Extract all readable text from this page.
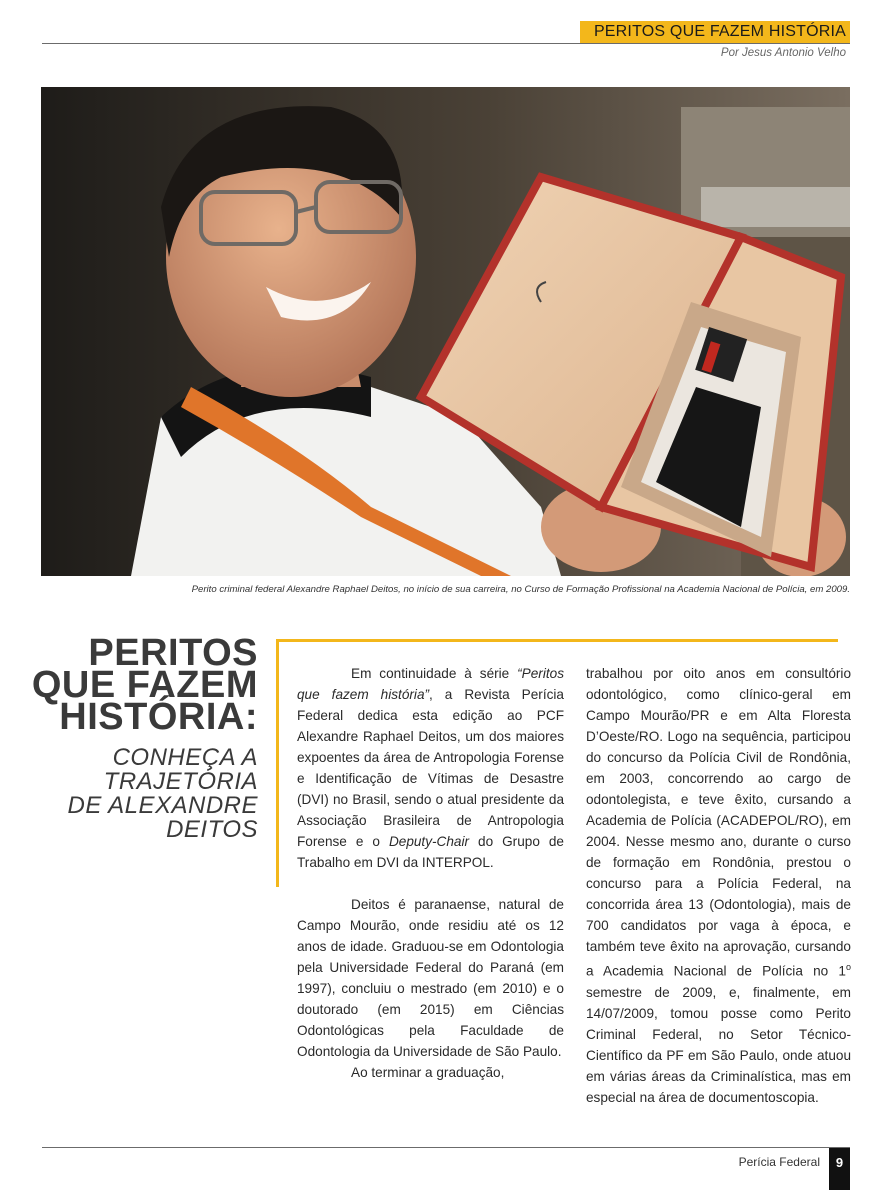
PERITOS QUE FAZEM HISTÓRIA
Por Jesus Antonio Velho
Perito criminal federal Alexandre Raphael Deitos, no início de sua carreira, no Curso de Formação Profissional na Academia Nacional de Polícia, em 2009.
PERITOS
QUE FAZEM
HISTÓRIA:
CONHEÇA A
TRAJETÓRIA
DE ALEXANDRE
DEITOS

Em continuidade à série “Peritos que fazem história”, a Revista Perícia Federal dedica esta edição ao PCF Alexandre Raphael Deitos, um dos maiores expoentes da área de Antropologia Forense e Identificação de Vítimas de Desastre (DVI) no Brasil, sendo o atual presidente da Associação Brasileira de Antropologia Forense e o Deputy-Chair do Grupo de Trabalho em DVI da INTERPOL.

Deitos é paranaense, natural de Campo Mourão, onde residiu até os 12 anos de idade. Graduou-se em Odontologia pela Universidade Federal do Paraná (em 1997), concluiu o mestrado (em 2010) e o doutorado (em 2015) em Ciências Odontológicas pela Faculdade de Odontologia da Universidade de São Paulo.

Ao terminar a graduação,

trabalhou por oito anos em consultório odontológico, como clínico-geral em Campo Mourão/PR e em Alta Floresta D’Oeste/RO. Logo na sequência, participou do concurso da Polícia Civil de Rondônia, em 2003, concorrendo ao cargo de odontolegista, e teve êxito, cursando a Academia de Polícia (ACADEPOL/RO), em 2004. Nesse mesmo ano, durante o curso de formação em Rondônia, prestou o concurso para a Polícia Federal, na concorrida área 13 (Odontologia), mais de 700 candidatos por vaga à época, e também teve êxito na aprovação, cursando a Academia Nacional de Polícia no 1$^o$ semestre de 2009, e, finalmente, em 14/07/2009, tomou posse como Perito Criminal Federal, no Setor Técnico-Científico da PF em São Paulo, onde atuou em várias áreas da Criminalística, mas em especial na área de documentoscopia.

Perícia Federal	9
